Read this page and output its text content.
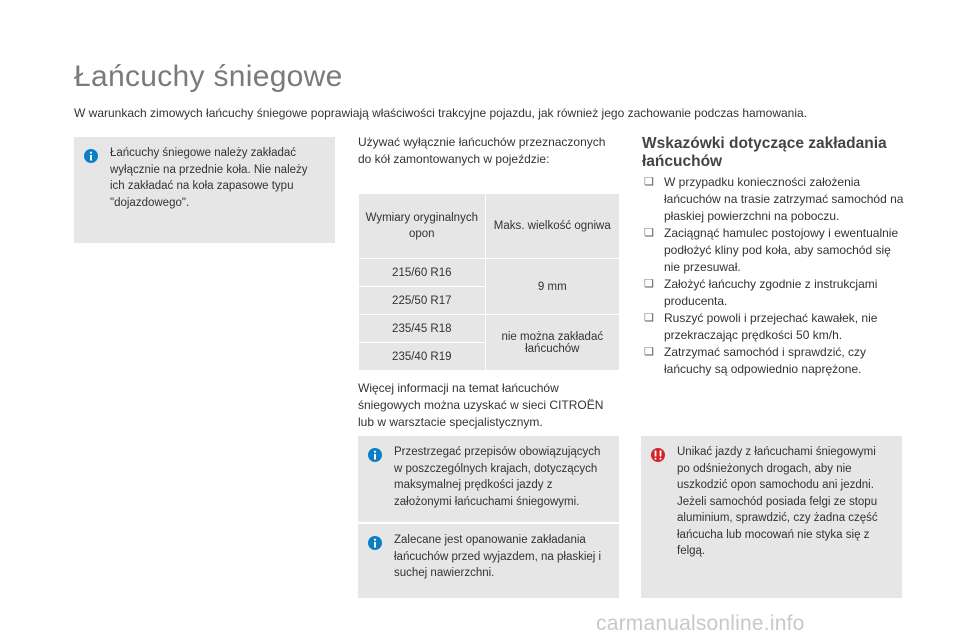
Łańcuchy śniegowe
W warunkach zimowych łańcuchy śniegowe poprawiają właściwości trakcyjne pojazdu, jak również jego zachowanie podczas hamowania.
Łańcuchy śniegowe należy zakładać wyłącznie na przednie koła. Nie należy ich zakładać na koła zapasowe typu "dojazdowego".
Używać wyłącznie łańcuchów przeznaczonych do kół zamontowanych w pojeździe:
Wymiary oryginalnych opon	Maks. wielkość ogniwa
215/60 R16	9 mm
225/50 R17	
235/45 R18	nie można zakładać łańcuchów
235/40 R19	
Więcej informacji na temat łańcuchów śniegowych można uzyskać w sieci CITROËN lub w warsztacie specjalistycznym.
Przestrzegać przepisów obowiązujących w poszczególnych krajach, dotyczących maksymalnej prędkości jazdy z założonymi łańcuchami śniegowymi.
Zalecane jest opanowanie zakładania łańcuchów przed wyjazdem, na płaskiej i suchej nawierzchni.
Wskazówki dotyczące zakładania łańcuchów
❏ W przypadku konieczności założenia łańcuchów na trasie zatrzymać samochód na płaskiej powierzchni na poboczu.
❏ Zaciągnąć hamulec postojowy i ewentualnie podłożyć kliny pod koła, aby samochód się nie przesuwał.
❏ Założyć łańcuchy zgodnie z instrukcjami producenta.
❏ Ruszyć powoli i przejechać kawałek, nie przekraczając prędkości 50 km/h.
❏ Zatrzymać samochód i sprawdzić, czy łańcuchy są odpowiednio naprężone.
Unikać jazdy z łańcuchami śniegowymi po odśnieżonych drogach, aby nie uszkodzić opon samochodu ani jezdni. Jeżeli samochód posiada felgi ze stopu aluminium, sprawdzić, czy żadna część łańcucha lub mocowań nie styka się z felgą.
carmanualsonline.info
